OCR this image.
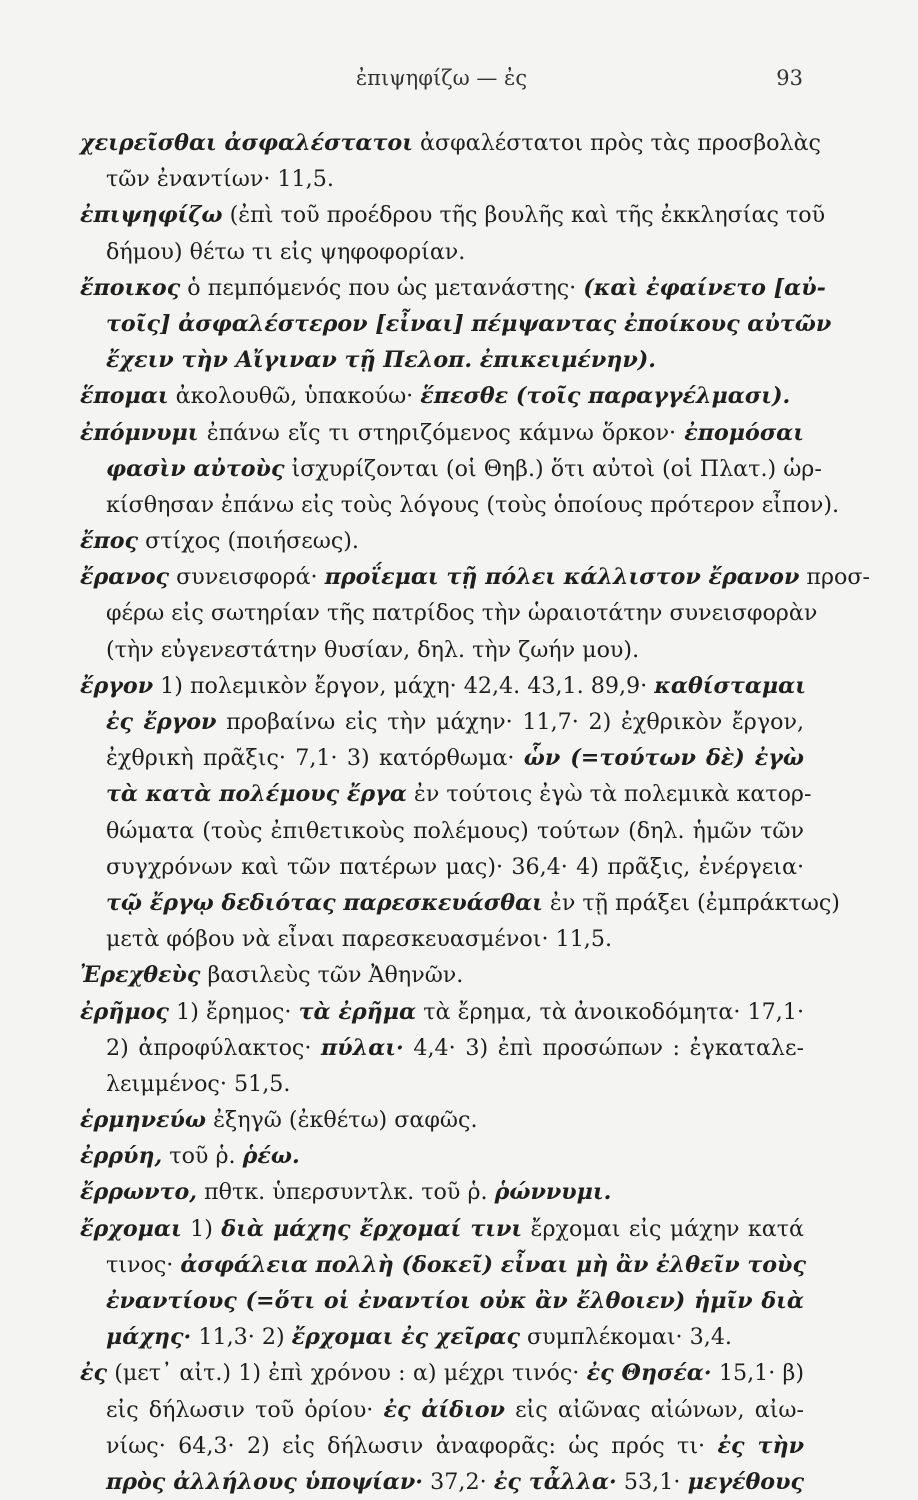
ἐπιψηφίζω — ἐς	93
χειρεῖσθαι ἀσφαλέστατοι ἀσφαλέστατοι πρὸς τὰς προσβολὰς
τῶν ἐναντίων· 11,5.
ἐπιψηφίζω (ἐπὶ τοῦ προέδρου τῆς βουλῆς καὶ τῆς ἐκκλησίας τοῦ
δήμου) θέτω τι εἰς ψηφοφορίαν.
ἔποικος ὁ πεμπόμενός που ὡς μετανάστης· (καὶ ἐφαίνετο [αὐ-
τοῖς] ἀσφαλέστερον [εἶναι] πέμψαντας ἐποίκους αὐτῶν
ἔχειν τὴν Αἴγιναν τῇ Πελοπ. ἐπικειμένην).
ἕπομαι ἀκολουθῶ, ὑπακούω· ἕπεσθε (τοῖς παραγγέλμασι).
ἐπόμνυμι ἐπάνω εἴς τι στηριζόμενος κάμνω ὅρκον· ἐπομόσαι
φασὶν αὐτοὺς ἰσχυρίζονται (οἱ Θηβ.) ὅτι αὐτοὶ (οἱ Πλατ.) ὡρ-
κίσθησαν ἐπάνω εἰς τοὺς λόγους (τοὺς ὁποίους πρότερον εἶπον).
ἔπος στίχος (ποιήσεως).
ἔρανος συνεισφορά· προΐεμαι τῇ πόλει κάλλιστον ἔρανον προσ-
φέρω εἰς σωτηρίαν τῆς πατρίδος τὴν ὡραιοτάτην συνεισφορὰν
(τὴν εὐγενεστάτην θυσίαν, δηλ. τὴν ζωήν μου).
ἔργον 1) πολεμικὸν ἔργον, μάχη· 42,4. 43,1. 89,9· καθίσταμαι
ἐς ἔργον προβαίνω εἰς τὴν μάχην· 11,7· 2) ἐχθρικὸν ἔργον,
ἐχθρικὴ πρᾶξις· 7,1· 3) κατόρθωμα· ὧν (=τούτων δὲ) ἐγὼ
τὰ κατὰ πολέμους ἔργα ἐν τούτοις ἐγὼ τὰ πολεμικὰ κατορ-
θώματα (τοὺς ἐπιθετικοὺς πολέμους) τούτων (δηλ. ἡμῶν τῶν
συγχρόνων καὶ τῶν πατέρων μας)· 36,4· 4) πρᾶξις, ἐνέργεια·
τῷ ἔργῳ δεδιότας παρεσκευάσθαι ἐν τῇ πράξει (ἐμπράκτως)
μετὰ φόβου νὰ εἶναι παρεσκευασμένοι· 11,5.
Ἐρεχθεὺς βασιλεὺς τῶν Ἀθηνῶν.
ἐρῆμος 1) ἔρημος· τὰ ἐρῆμα τὰ ἔρημα, τὰ ἀνοικοδόμητα· 17,1·
2) ἀπροφύλακτος· πύλαι· 4,4· 3) ἐπὶ προσώπων : ἐγκαταλε-
λειμμένος· 51,5.
ἑρμηνεύω ἐξηγῶ (ἐκθέτω) σαφῶς.
ἐρρύη, τοῦ ῥ. ῥέω.
ἔρρωντο, πθτκ. ὑπερσυντλκ. τοῦ ῥ. ῥώννυμι.
ἔρχομαι 1) διὰ μάχης ἔρχομαί τινι ἔρχομαι εἰς μάχην κατά
τινος· ἀσφάλεια πολλὴ (δοκεῖ) εἶναι μὴ ἂν ἐλθεῖν τοὺς
ἐναντίους (=ὅτι οἱ ἐναντίοι οὐκ ἂν ἔλθοιεν) ἡμῖν διὰ
μάχης· 11,3· 2) ἔρχομαι ἐς χεῖρας συμπλέκομαι· 3,4.
ἐς (μετ᾽ αἰτ.) 1) ἐπὶ χρόνου : α) μέχρι τινός· ἐς Θησέα· 15,1· β)
εἰς δήλωσιν τοῦ ὁρίου· ἐς ἀίδιον εἰς αἰῶνας αἰώνων, αἰω-
νίως· 64,3· 2) εἰς δήλωσιν ἀναφορᾶς: ὡς πρός τι· ἐς τὴν
πρὸς ἀλλήλους ὑποψίαν· 37,2· ἐς τἆλλα· 53,1· μεγέθους
